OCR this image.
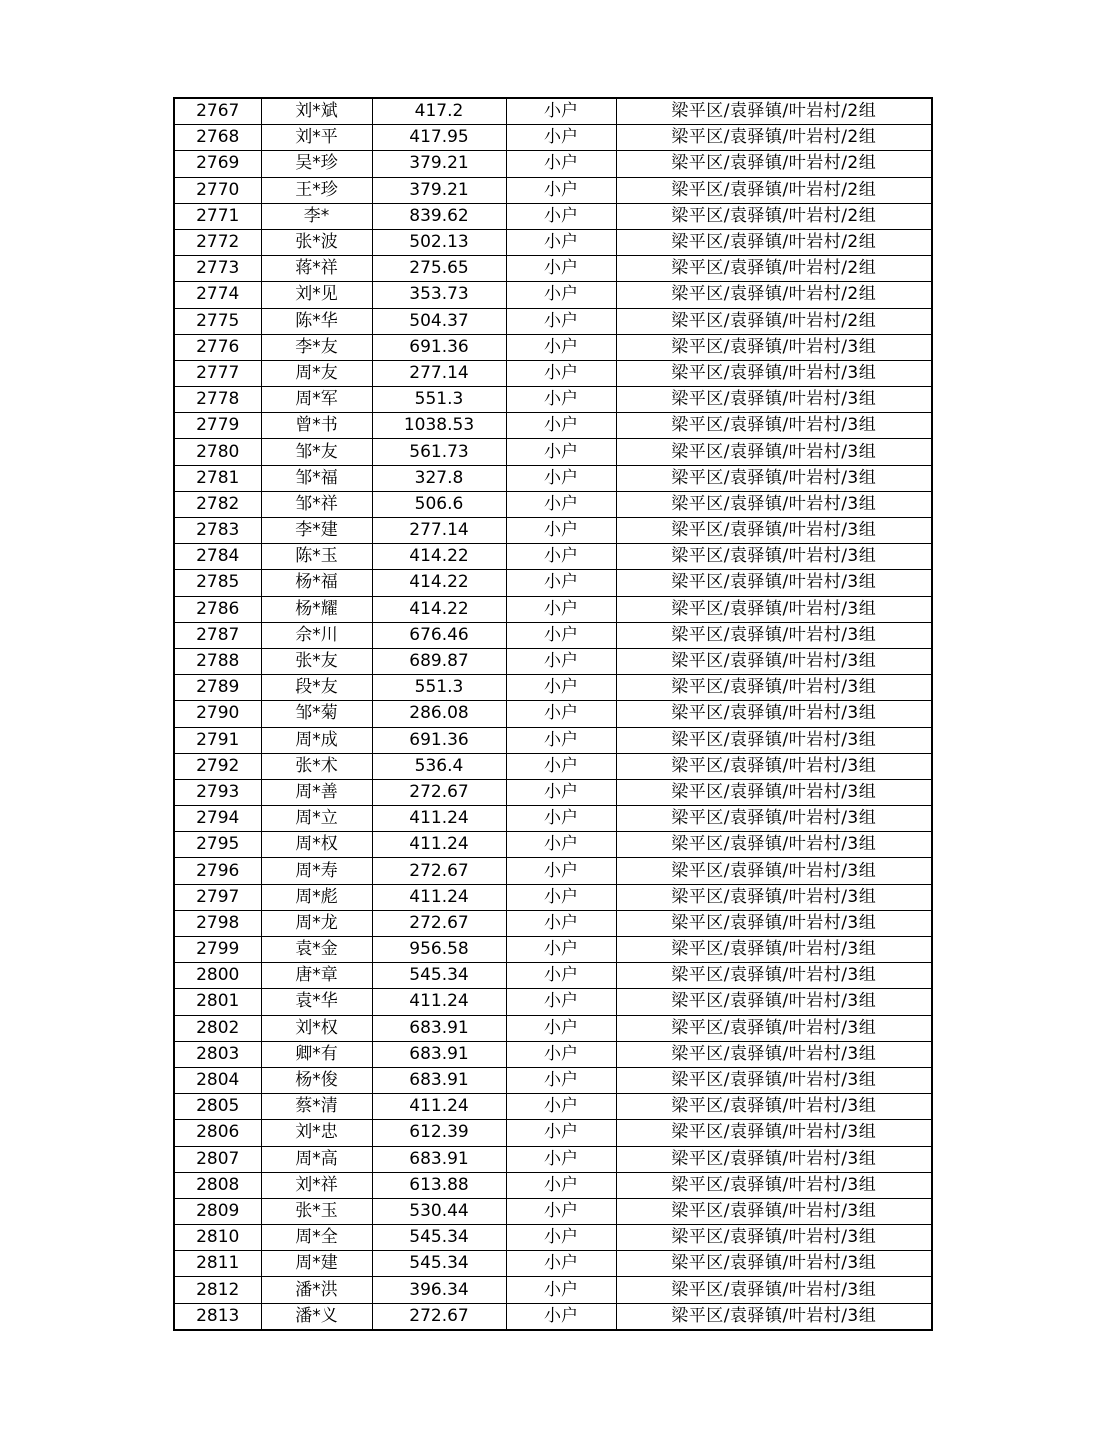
2767	刘*斌	417.2	小户	梁平区/袁驿镇/叶岩村/2组
2768	刘*平	417.95	小户	梁平区/袁驿镇/叶岩村/2组
2769	吴*珍	379.21	小户	梁平区/袁驿镇/叶岩村/2组
2770	王*珍	379.21	小户	梁平区/袁驿镇/叶岩村/2组
2771	李*	839.62	小户	梁平区/袁驿镇/叶岩村/2组
2772	张*波	502.13	小户	梁平区/袁驿镇/叶岩村/2组
2773	蒋*祥	275.65	小户	梁平区/袁驿镇/叶岩村/2组
2774	刘*见	353.73	小户	梁平区/袁驿镇/叶岩村/2组
2775	陈*华	504.37	小户	梁平区/袁驿镇/叶岩村/2组
2776	李*友	691.36	小户	梁平区/袁驿镇/叶岩村/3组
2777	周*友	277.14	小户	梁平区/袁驿镇/叶岩村/3组
2778	周*军	551.3	小户	梁平区/袁驿镇/叶岩村/3组
2779	曾*书	1038.53	小户	梁平区/袁驿镇/叶岩村/3组
2780	邹*友	561.73	小户	梁平区/袁驿镇/叶岩村/3组
2781	邹*福	327.8	小户	梁平区/袁驿镇/叶岩村/3组
2782	邹*祥	506.6	小户	梁平区/袁驿镇/叶岩村/3组
2783	李*建	277.14	小户	梁平区/袁驿镇/叶岩村/3组
2784	陈*玉	414.22	小户	梁平区/袁驿镇/叶岩村/3组
2785	杨*福	414.22	小户	梁平区/袁驿镇/叶岩村/3组
2786	杨*耀	414.22	小户	梁平区/袁驿镇/叶岩村/3组
2787	佘*川	676.46	小户	梁平区/袁驿镇/叶岩村/3组
2788	张*友	689.87	小户	梁平区/袁驿镇/叶岩村/3组
2789	段*友	551.3	小户	梁平区/袁驿镇/叶岩村/3组
2790	邹*菊	286.08	小户	梁平区/袁驿镇/叶岩村/3组
2791	周*成	691.36	小户	梁平区/袁驿镇/叶岩村/3组
2792	张*术	536.4	小户	梁平区/袁驿镇/叶岩村/3组
2793	周*善	272.67	小户	梁平区/袁驿镇/叶岩村/3组
2794	周*立	411.24	小户	梁平区/袁驿镇/叶岩村/3组
2795	周*权	411.24	小户	梁平区/袁驿镇/叶岩村/3组
2796	周*寿	272.67	小户	梁平区/袁驿镇/叶岩村/3组
2797	周*彪	411.24	小户	梁平区/袁驿镇/叶岩村/3组
2798	周*龙	272.67	小户	梁平区/袁驿镇/叶岩村/3组
2799	袁*金	956.58	小户	梁平区/袁驿镇/叶岩村/3组
2800	唐*章	545.34	小户	梁平区/袁驿镇/叶岩村/3组
2801	袁*华	411.24	小户	梁平区/袁驿镇/叶岩村/3组
2802	刘*权	683.91	小户	梁平区/袁驿镇/叶岩村/3组
2803	卿*有	683.91	小户	梁平区/袁驿镇/叶岩村/3组
2804	杨*俊	683.91	小户	梁平区/袁驿镇/叶岩村/3组
2805	蔡*清	411.24	小户	梁平区/袁驿镇/叶岩村/3组
2806	刘*忠	612.39	小户	梁平区/袁驿镇/叶岩村/3组
2807	周*高	683.91	小户	梁平区/袁驿镇/叶岩村/3组
2808	刘*祥	613.88	小户	梁平区/袁驿镇/叶岩村/3组
2809	张*玉	530.44	小户	梁平区/袁驿镇/叶岩村/3组
2810	周*全	545.34	小户	梁平区/袁驿镇/叶岩村/3组
2811	周*建	545.34	小户	梁平区/袁驿镇/叶岩村/3组
2812	潘*洪	396.34	小户	梁平区/袁驿镇/叶岩村/3组
2813	潘*义	272.67	小户	梁平区/袁驿镇/叶岩村/3组
